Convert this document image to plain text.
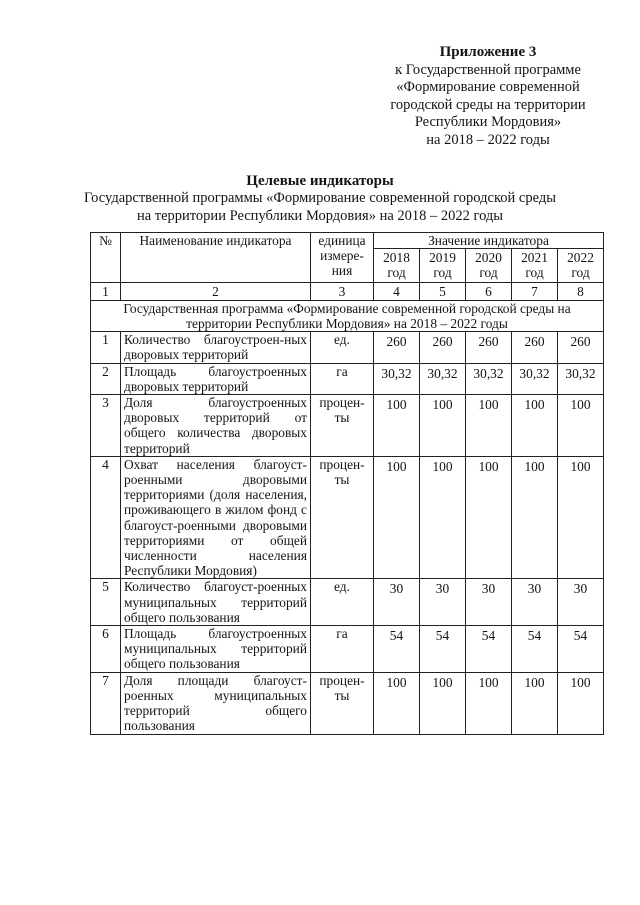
Приложение 3
к Государственной программе
«Формирование современной
городской среды на территории
Республики Мордовия»
на 2018 – 2022 годы
Целевые индикаторы
Государственной программы «Формирование современной городской среды
на территории Республики Мордовия» на 2018 – 2022 годы
№	Наименование индикатора	единица измере-ния	Значение индикатора				
			2018 год	2019 год	2020 год	2021 год	2022 год
1	2	3	4	5	6	7	8
Государственная программа «Формирование современной городской среды на территории Республики Мордовия» на 2018 – 2022 годы							
1	Количество благоустроен-ных дворовых территорий	ед.	260	260	260	260	260
2	Площадь благоустроенных дворовых территорий	га	30,32	30,32	30,32	30,32	30,32
3	Доля благоустроенных дворовых территорий от общего количества дворовых территорий	процен-ты	100	100	100	100	100
4	Охват населения благоуст-роенными дворовыми территориями (доля населения, проживающего в жилом фонд с благоуст-роенными дворовыми территориями от общей численности населения Республики Мордовия)	процен-ты	100	100	100	100	100
5	Количество благоуст-роенных муниципальных территорий общего пользования	ед.	30	30	30	30	30
6	Площадь благоустроенных муниципальных территорий общего пользования	га	54	54	54	54	54
7	Доля площади благоуст-роенных муниципальных территорий общего пользования	процен-ты	100	100	100	100	100
